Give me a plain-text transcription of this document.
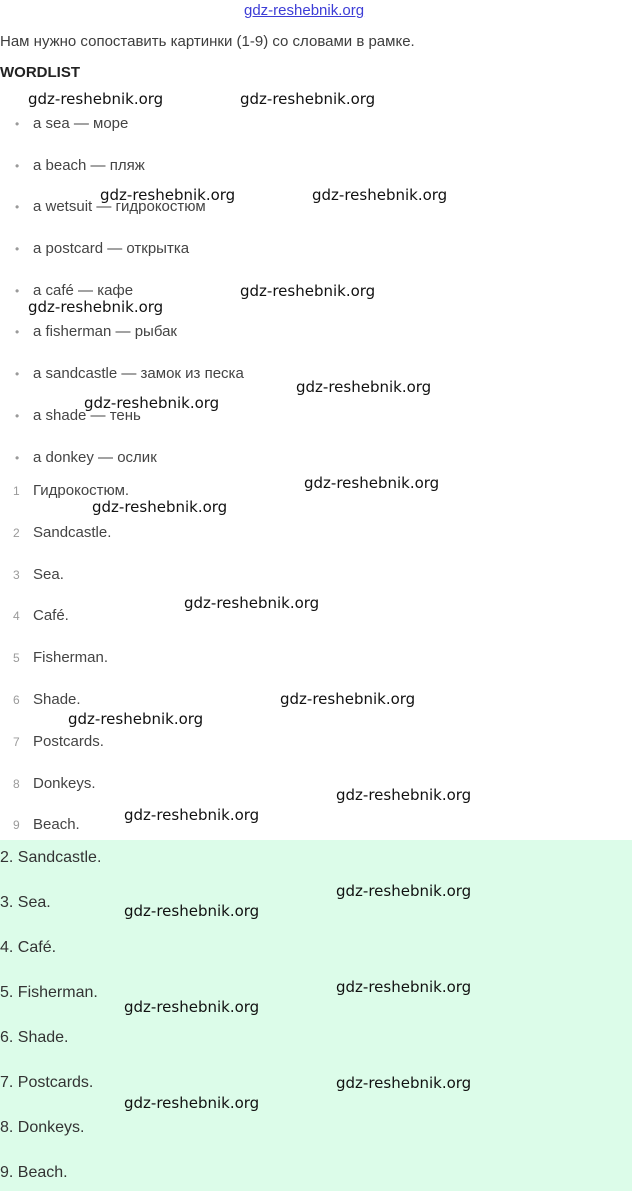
gdz-reshebnik.org
Нам нужно сопоставить картинки (1-9) со словами в рамке.
WORDLIST
• a sea — море
• a beach — пляж
• a wetsuit — гидрокостюм
• a postcard — открытка
• a café — кафе
• a fisherman — рыбак
• a sandcastle — замок из песка
• a shade — тень
• a donkey — ослик
1 Гидрокостюм.
2 Sandcastle.
3 Sea.
4 Café.
5 Fisherman.
6 Shade.
7 Postcards.
8 Donkeys.
9 Beach.
2. Sandcastle.
3. Sea.
4. Café.
5. Fisherman.
6. Shade.
7. Postcards.
8. Donkeys.
9. Beach.
gdz-reshebnik.org	gdz-reshebnik.org
gdz-reshebnik.org	gdz-reshebnik.org
gdz-reshebnik.org
gdz-reshebnik.org
gdz-reshebnik.org
gdz-reshebnik.org
gdz-reshebnik.org
gdz-reshebnik.org
gdz-reshebnik.org
gdz-reshebnik.org
gdz-reshebnik.org
gdz-reshebnik.org
gdz-reshebnik.org
gdz-reshebnik.org
gdz-reshebnik.org
gdz-reshebnik.org
gdz-reshebnik.org
gdz-reshebnik.org
gdz-reshebnik.org
